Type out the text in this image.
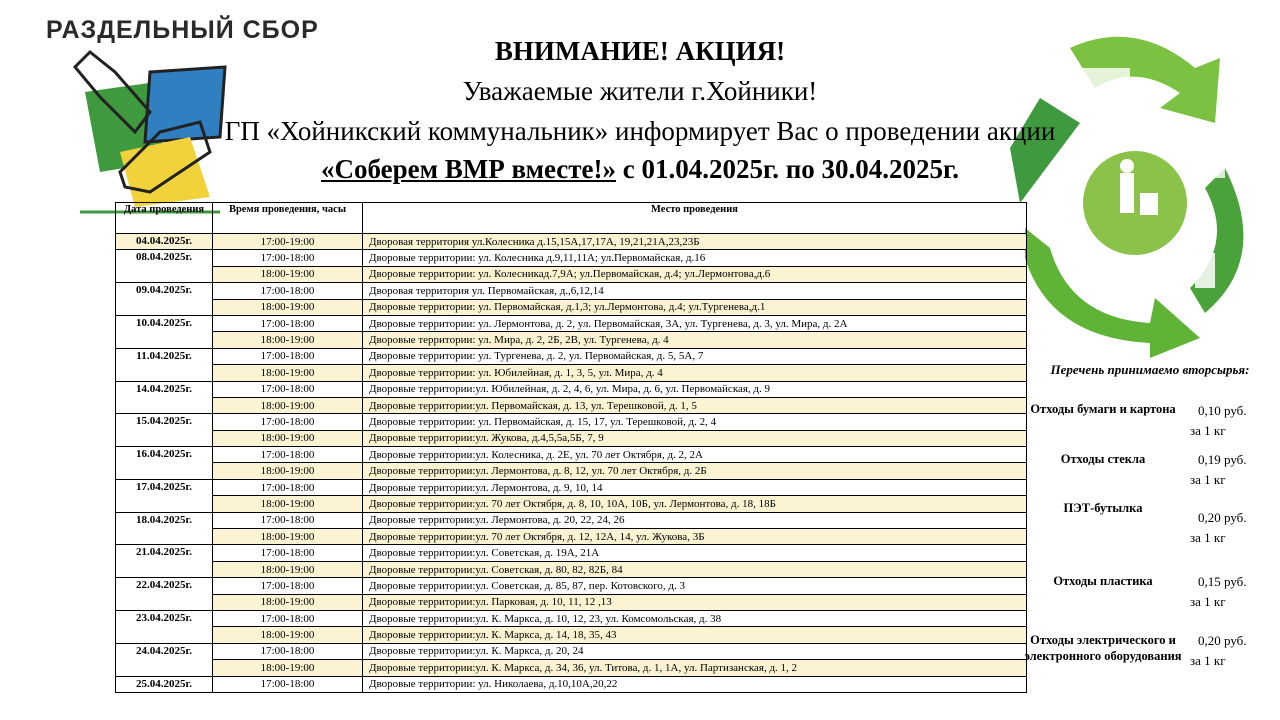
РАЗДЕЛЬНЫЙ СБОР
ВНИМАНИЕ! АКЦИЯ!
Уважаемые жители г.Хойники!
ГП «Хойникский коммунальник» информирует Вас о проведении акции
«Соберем ВМР вместе!» с 01.04.2025г. по 30.04.2025г.
Дата проведения	Время проведения, часы	Место проведения
04.04.2025г.	17:00-19:00	Дворовая территория ул.Колесника д.15,15А,17,17А, 19,21,21А,23,23Б
08.04.2025г.	17:00-18:00	Дворовые территории: ул. Колесника д.9,11,11А; ул.Первомайская, д.16
	18:00-19:00	Дворовые территории: ул. Колесникад.7,9А; ул.Первомайская, д.4; ул.Лермонтова,д.6
09.04.2025г.	17:00-18:00	Дворовая территория ул. Первомайская, д.,6,12,14
	18:00-19:00	Дворовые территории: ул. Первомайская, д.1,3; ул.Лермонтова, д.4; ул.Тургенева,д.1
10.04.2025г.	17:00-18:00	Дворовые территории: ул. Лермонтова, д. 2, ул. Первомайская, 3А, ул. Тургенева, д. 3, ул. Мира, д. 2А
	18:00-19:00	Дворовые территории: ул. Мира, д. 2, 2Б, 2В, ул. Тургенева, д. 4
11.04.2025г.	17:00-18:00	Дворовые территории: ул. Тургенева, д. 2, ул. Первомайская, д. 5, 5А, 7
	18:00-19:00	Дворовые территории: ул. Юбилейная, д. 1, 3, 5, ул. Мира, д. 4
14.04.2025г.	17:00-18:00	Дворовые территории:ул. Юбилейная, д. 2, 4, 6, ул. Мира, д. 6, ул. Первомайская, д. 9
	18:00-19:00	Дворовые территории:ул. Первомайская, д. 13, ул. Терешковой, д. 1, 5
15.04.2025г.	17:00-18:00	Дворовые территории: ул. Первомайская, д. 15, 17, ул. Терешковой, д. 2, 4
	18:00-19:00	Дворовые территории:ул. Жукова, д.4,5,5а,5Б, 7, 9
16.04.2025г.	17:00-18:00	Дворовые территории:ул. Колесника, д. 2Е, ул. 70 лет Октября, д. 2, 2А
	18:00-19:00	Дворовые территории:ул. Лермонтова, д. 8, 12, ул. 70 лет Октября, д. 2Б
17.04.2025г.	17:00-18:00	Дворовые территории:ул. Лермонтова, д. 9, 10, 14
	18:00-19:00	Дворовые территории:ул. 70 лет Октября, д. 8, 10, 10А, 10Б, ул. Лермонтова, д. 18, 18Б
18.04.2025г.	17:00-18:00	Дворовые территории:ул. Лермонтова, д. 20, 22, 24, 26
	18:00-19:00	Дворовые территории:ул. 70 лет Октября, д. 12, 12А, 14, ул. Жукова, 3Б
21.04.2025г.	17:00-18:00	Дворовые территории:ул. Советская, д. 19А, 21А
	18:00-19:00	Дворовые территории:ул. Советская, д. 80, 82, 82Б, 84
22.04.2025г.	17:00-18:00	Дворовые территории:ул. Советская, д. 85, 87, пер. Котовского, д. 3
	18:00-19:00	Дворовые территории:ул. Парковая, д. 10, 11, 12 ,13
23.04.2025г.	17:00-18:00	Дворовые территории:ул. К. Маркса, д. 10, 12, 23, ул. Комсомольская, д. 38
	18:00-19:00	Дворовые территории:ул. К. Маркса, д. 14, 18, 35, 43
24.04.2025г.	17:00-18:00	Дворовые территории:ул. К. Маркса, д. 20, 24
	18:00-19:00	Дворовые территории:ул. К. Маркса, д. 34, 36, ул. Титова, д. 1, 1А, ул. Партизанская, д. 1, 2
25.04.2025г.	17:00-18:00	Дворовые территории: ул. Николаева, д.10,10А,20,22
Перечень принимаемо вторсырья:
Отходы бумаги и картона	0,10 руб.
за 1 кг
Отходы стекла	0,19 руб.
за 1 кг
ПЭТ-бутылка
0,20 руб.
за 1 кг
Отходы пластика	0,15 руб.
за 1 кг
Отходы электрического и электронного оборудования
0,20 руб.
за 1 кг
